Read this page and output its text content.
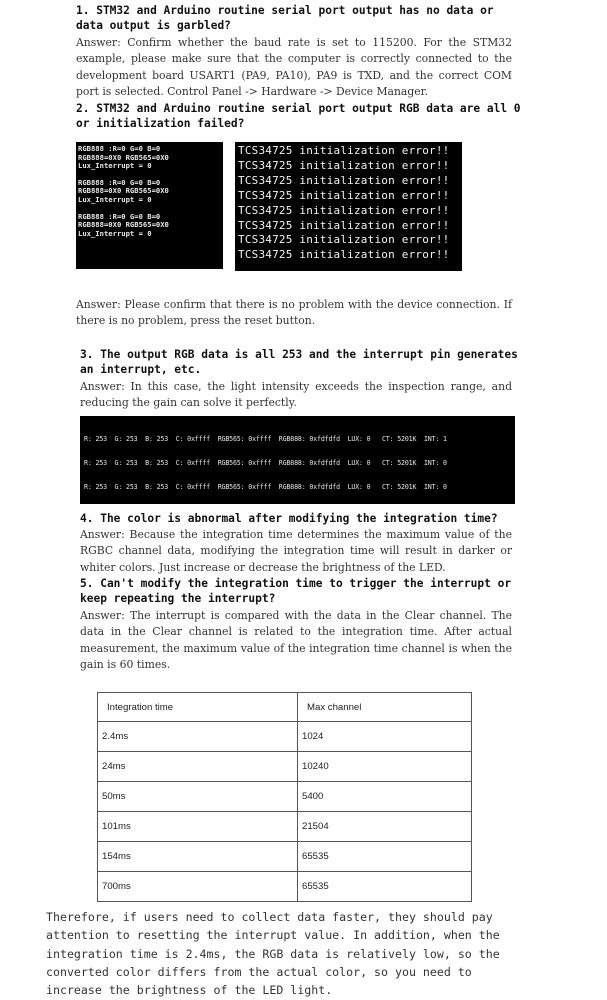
1. STM32 and Arduino routine serial port output has no data or data output is garbled?
Answer: Confirm whether the baud rate is set to 115200. For the STM32 example, please make sure that the computer is correctly connected to the development board USART1 (PA9, PA10), PA9 is TXD, and the correct COM port is selected. Control Panel -> Hardware -> Device Manager.
2. STM32 and Arduino routine serial port output RGB data are all 0 or initialization failed?
RGB888 :R=0 G=0 B=0
RGB888=0X0 RGB565=0X0
Lux_Interrupt = 0
RGB888 :R=0 G=0 B=0
RGB888=0X0 RGB565=0X0
Lux_Interrupt = 0
RGB888 :R=0 G=0 B=0
RGB888=0X0 RGB565=0X0
Lux_Interrupt = 0
TCS34725 initialization error!!
TCS34725 initialization error!!
TCS34725 initialization error!!
TCS34725 initialization error!!
TCS34725 initialization error!!
TCS34725 initialization error!!
TCS34725 initialization error!!
TCS34725 initialization error!!
Answer: Please confirm that there is no problem with the device connection. If there is no problem, press the reset button.
3. The output RGB data is all 253 and the interrupt pin generates an interrupt, etc.
Answer: In this case, the light intensity exceeds the inspection range, and reducing the gain can solve it perfectly.

R: 253  G: 253  B: 253  C: 0xffff  RGB565: 0xffff  RGB888: 0xfdfdfd  LUX: 0   CT: 5201K  INT: 1

R: 253  G: 253  B: 253  C: 0xffff  RGB565: 0xffff  RGB888: 0xfdfdfd  LUX: 0   CT: 5201K  INT: 0

R: 253  G: 253  B: 253  C: 0xffff  RGB565: 0xffff  RGB888: 0xfdfdfd  LUX: 0   CT: 5201K  INT: 0

4. The color is abnormal after modifying the integration time?
Answer: Because the integration time determines the maximum value of the RGBC channel data, modifying the integration time will result in darker or whiter colors. Just increase or decrease the brightness of the LED.
5. Can't modify the integration time to trigger the interrupt or keep repeating the interrupt?
Answer: The interrupt is compared with the data in the Clear channel. The data in the Clear channel is related to the integration time. After actual measurement, the maximum value of the integration time channel is when the gain is 60 times.
Integration time	Max channel
2.4ms	1024
24ms	10240
50ms	5400
101ms	21504
154ms	65535
700ms	65535
Therefore, if users need to collect data faster, they should pay attention to resetting the interrupt value. In addition, when the integration time is 2.4ms, the RGB data is relatively low, so the converted color differs from the actual color, so you need to increase the brightness of the LED light.
